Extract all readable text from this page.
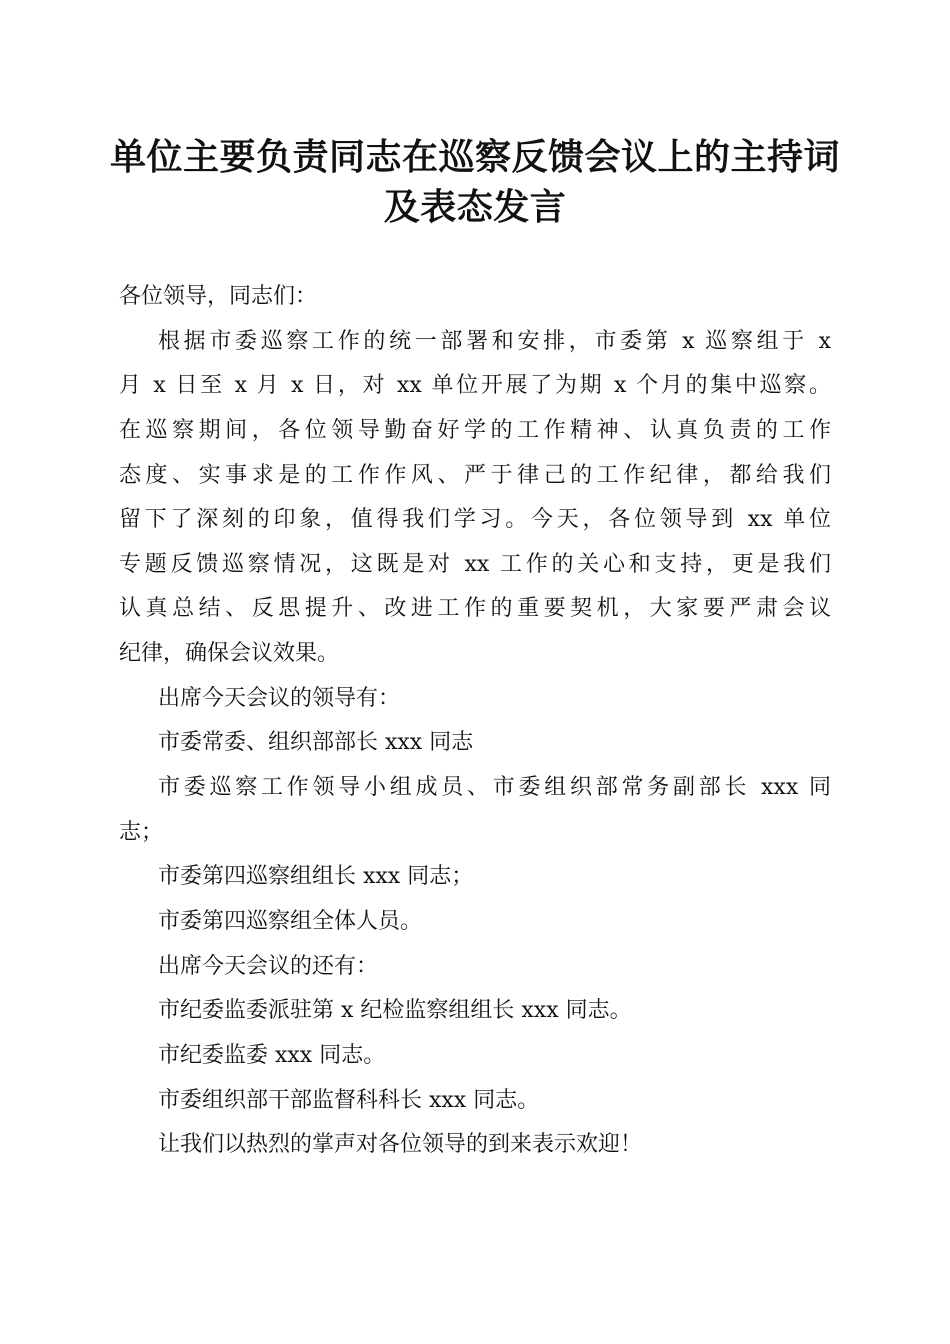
单位主要负责同志在巡察反馈会议上的主持词
及表态发言

各位领导，同志们：

根据市委巡察工作的统一部署和安排，市委第 x 巡察组于 x

月 x 日至 x 月 x 日，对 xx 单位开展了为期 x 个月的集中巡察。

在巡察期间，各位领导勤奋好学的工作精神、认真负责的工作

态度、实事求是的工作作风、严于律己的工作纪律，都给我们

留下了深刻的印象，值得我们学习。今天，各位领导到 xx 单位

专题反馈巡察情况，这既是对 xx 工作的关心和支持，更是我们

认真总结、反思提升、改进工作的重要契机，大家要严肃会议

纪律，确保会议效果。

出席今天会议的领导有：

市委常委、组织部部长 xxx 同志

市委巡察工作领导小组成员、市委组织部常务副部长 xxx 同

志；

市委第四巡察组组长 xxx 同志；

市委第四巡察组全体人员。

出席今天会议的还有：

市纪委监委派驻第 x 纪检监察组组长 xxx 同志。

市纪委监委 xxx 同志。

市委组织部干部监督科科长 xxx 同志。

让我们以热烈的掌声对各位领导的到来表示欢迎！
